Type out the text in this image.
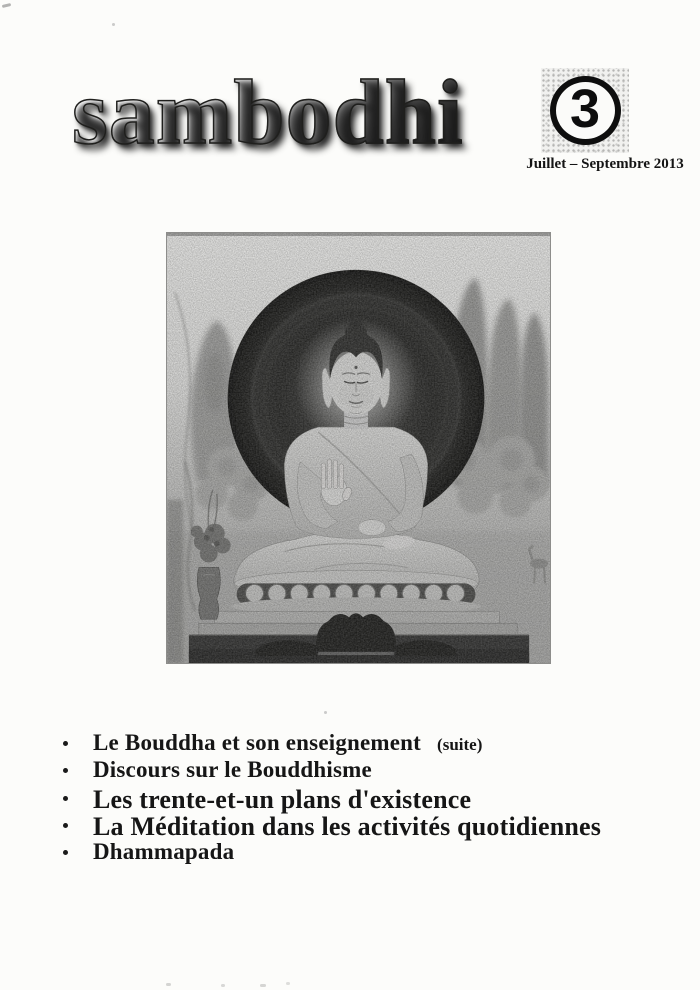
sambodhi 3
Juillet – Septembre 2013
Le Bouddha et son enseignement (suite)
Discours sur le Bouddhisme
Les trente-et-un plans d'existence
La Méditation dans les activités quotidiennes
Dhammapada
